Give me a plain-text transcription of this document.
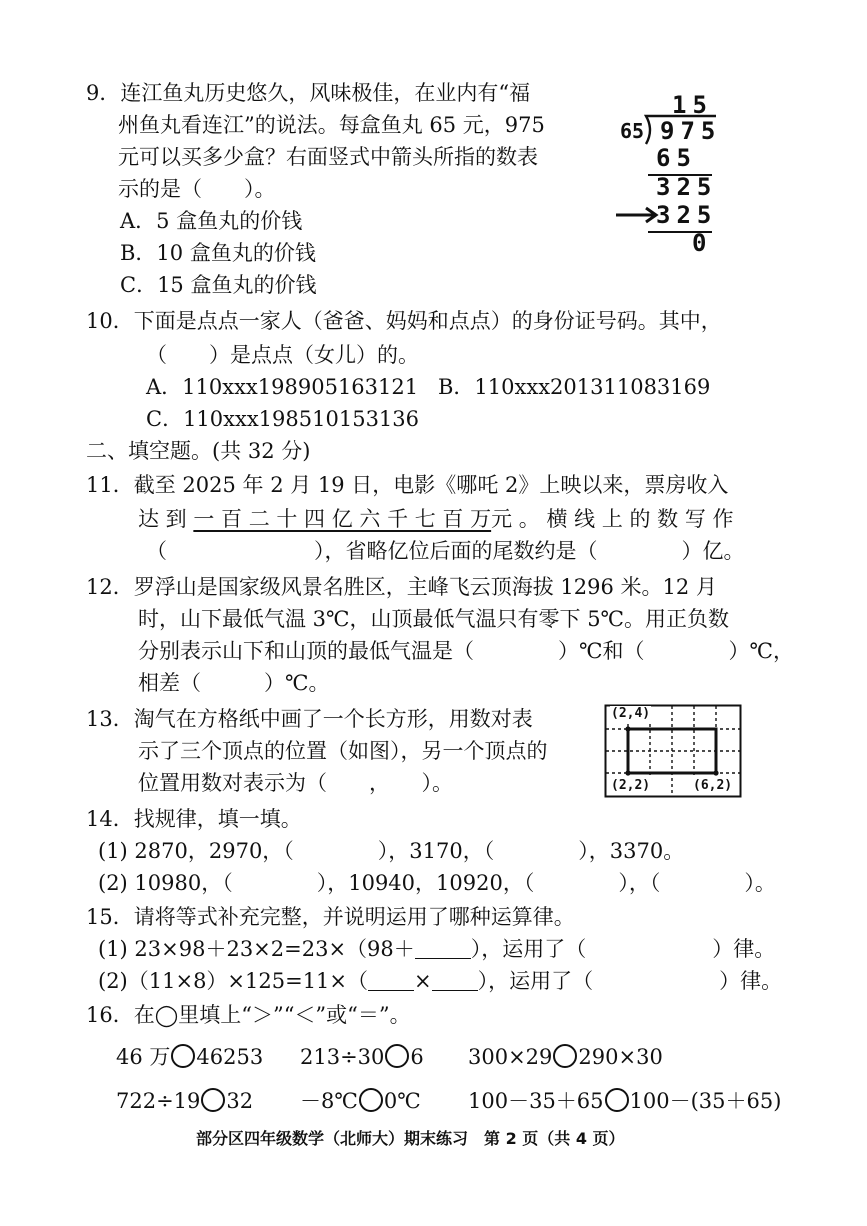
9．连江鱼丸历史悠久，风味极佳，在业内有“福
州鱼丸看连江”的说法。每盒鱼丸 65 元，975
元可以买多少盒？右面竖式中箭头所指的数表
示的是（　　）。
A．5 盒鱼丸的价钱
B．10 盒鱼丸的价钱
C．15 盒鱼丸的价钱
15
65 975
65
325
325
0
10．下面是点点一家人（爸爸、妈妈和点点）的身份证号码。其中，
（　　）是点点（女儿）的。
A．110xxx198905163121 B．110xxx201311083169
C．110xxx198510153136
二、填空题。(共 32 分)
11．截至 2025 年 2 月 19 日，电影《哪吒 2》上映以来，票房收入
达 到 一 百 二 十 四 亿 六 千 七 百 万元 。 横 线 上 的 数 写 作
（　　　　　　　），省略亿位后面的尾数约是（　　　　）亿。
12．罗浮山是国家级风景名胜区，主峰飞云顶海拔 1296 米。12 月
时，山下最低气温 3℃，山顶最低气温只有零下 5℃。用正负数
分别表示山下和山顶的最低气温是（　　　　）℃和（　　　　）℃，
相差（　　　）℃。
13．淘气在方格纸中画了一个长方形，用数对表
示了三个顶点的位置（如图），另一个顶点的
位置用数对表示为（　　，　　）。
(2,4)
(2,2)	(6,2)
14．找规律，填一填。
(1) 2870，2970，（　　　　），3170，（　　　　），3370。
(2) 10980，（　　　　），10940，10920，（　　　　），（　　　　）。
15．请将等式补充完整，并说明运用了哪种运算律。
(1) 23×98＋23×2=23×（98＋	），运用了（　　　　　　）律。
(2)（11×8）×125=11×（ × ），运用了（　　　　　　）律。
16．在◯里填上“＞”“＜”或“＝”。
46 万 46253 213÷30 6 300×29 290×30
722÷19 32 －8℃ 0℃ 100－35＋65 100－(35＋65)
部分区四年级数学（北师大）期末练习　第 2 页（共 4 页）
